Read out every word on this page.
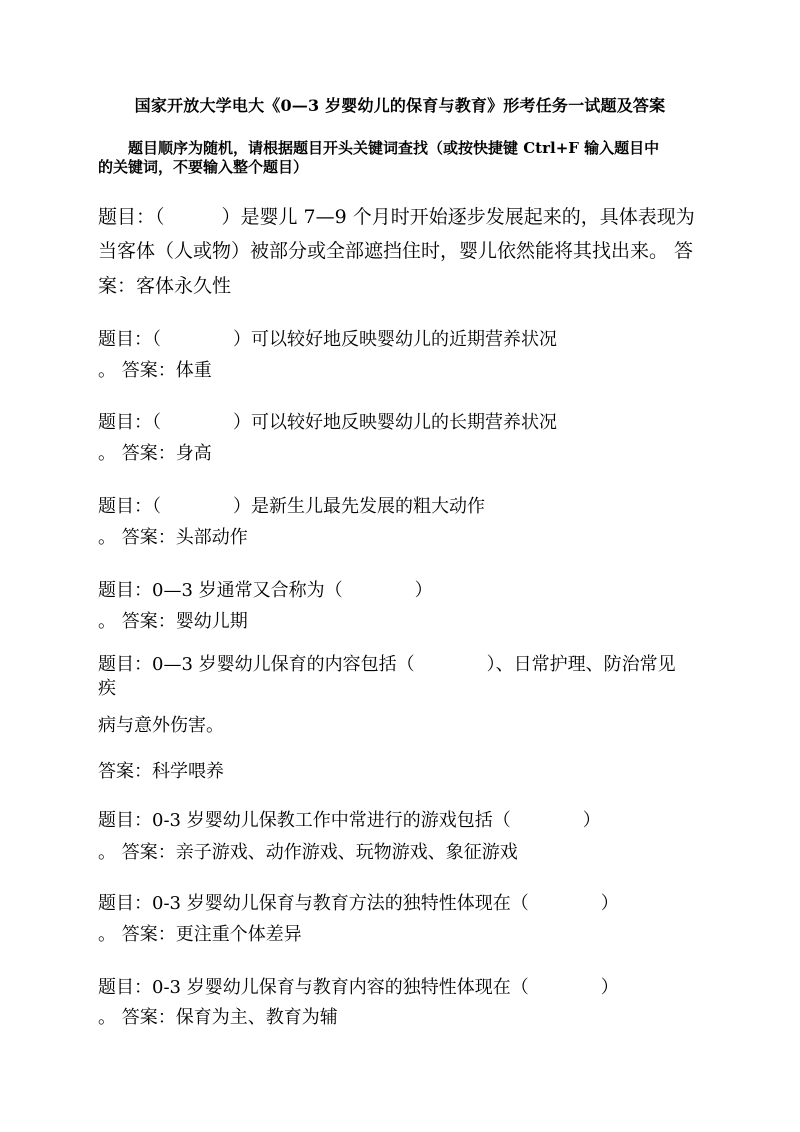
国家开放大学电大《0—3 岁婴幼儿的保育与教育》形考任务一试题及答案
题目顺序为随机，请根据题目开头关键词查找（或按快捷键 Ctrl+F 输入题目中
的关键词，不要输入整个题目）
题目：（　　　）是婴儿 7—9 个月时开始逐步发展起来的，具体表现为
当客体（人或物）被部分或全部遮挡住时，婴儿依然能将其找出来。 答
案：客体永久性
题目：（　　　　）可以较好地反映婴幼儿的近期营养状况
。 答案：体重
题目：（　　　　）可以较好地反映婴幼儿的长期营养状况
。 答案：身高
题目：（　　　　）是新生儿最先发展的粗大动作
。 答案：头部动作
题目：0—3 岁通常又合称为（　　　　）
。 答案：婴幼儿期
题目：0—3 岁婴幼儿保育的内容包括（　　　　）、日常护理、防治常见
疾
病与意外伤害。
答案：科学喂养
题目：0-3 岁婴幼儿保教工作中常进行的游戏包括（　　　　）
。 答案：亲子游戏、动作游戏、玩物游戏、象征游戏
题目：0-3 岁婴幼儿保育与教育方法的独特性体现在（　　　　）
。 答案：更注重个体差异
题目：0-3 岁婴幼儿保育与教育内容的独特性体现在（　　　　）
。 答案：保育为主、教育为辅
